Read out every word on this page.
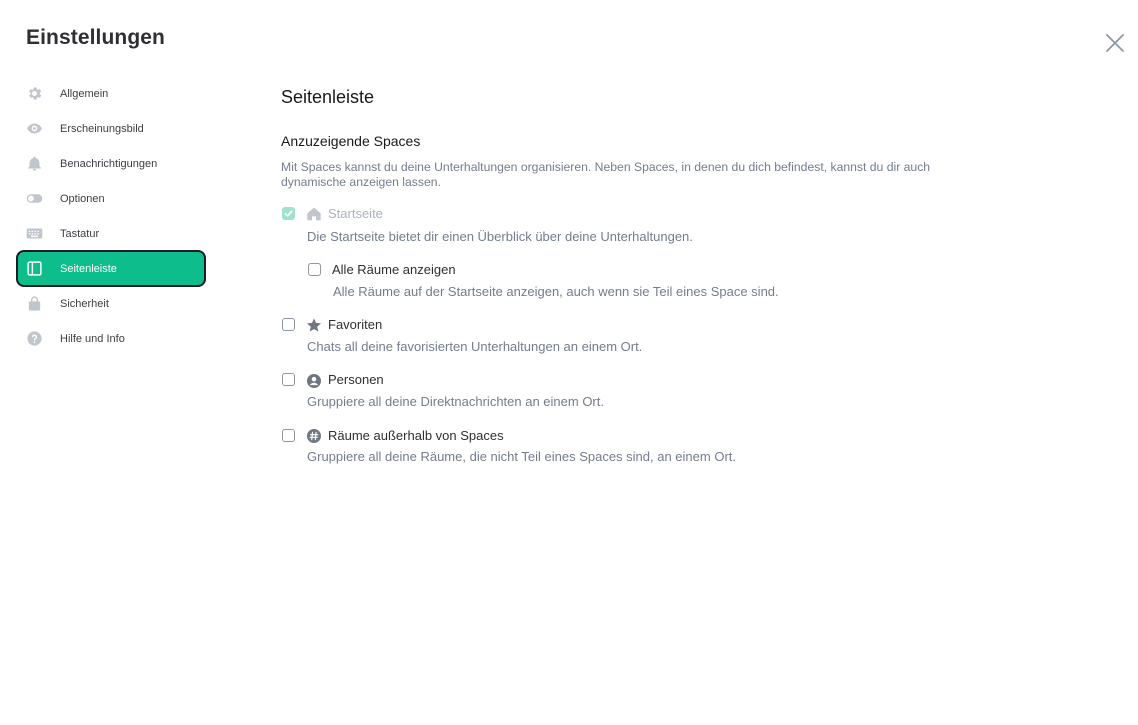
Einstellungen
Allgemein
Erscheinungsbild
Benachrichtigungen
Optionen
Tastatur
Seitenleiste
Sicherheit
Hilfe und Info
Seitenleiste
Anzuzeigende Spaces
Mit Spaces kannst du deine Unterhaltungen organisieren. Neben Spaces, in denen du dich befindest, kannst du dir auch dynamische anzeigen lassen.
Startseite
Die Startseite bietet dir einen Überblick über deine Unterhaltungen.
Alle Räume anzeigen
Alle Räume auf der Startseite anzeigen, auch wenn sie Teil eines Space sind.
Favoriten
Chats all deine favorisierten Unterhaltungen an einem Ort.
Personen
Gruppiere all deine Direktnachrichten an einem Ort.
Räume außerhalb von Spaces
Gruppiere all deine Räume, die nicht Teil eines Spaces sind, an einem Ort.
